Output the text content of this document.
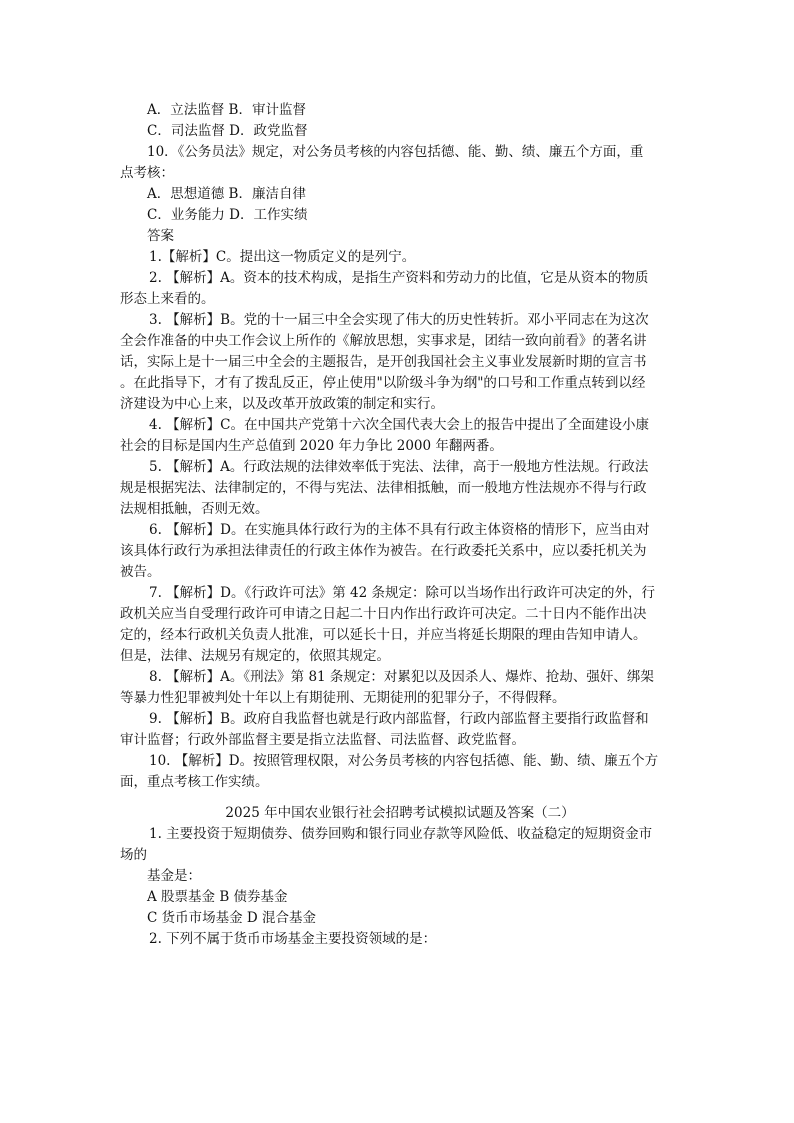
A．立法监督 B．审计监督
C．司法监督 D．政党监督
10．《公务员法》规定，对公务员考核的内容包括德、能、勤、绩、廉五个方面，重
点考核：
A．思想道德 B．廉洁自律
C．业务能力 D．工作实绩
答案
1.【解析】C。提出这一物质定义的是列宁。
2. 【解析】A。资本的技术构成，是指生产资料和劳动力的比值，它是从资本的物质
形态上来看的。
3. 【解析】B。党的十一届三中全会实现了伟大的历史性转折。邓小平同志在为这次
全会作准备的中央工作会议上所作的《解放思想，实事求是，团结一致向前看》的著名讲
话，实际上是十一届三中全会的主题报告，是开创我国社会主义事业发展新时期的宣言书
。在此指导下，才有了拨乱反正，停止使用"以阶级斗争为纲"的口号和工作重点转到以经
济建设为中心上来，以及改革开放政策的制定和实行。
4. 【解析】C。在中国共产党第十六次全国代表大会上的报告中提出了全面建设小康
社会的目标是国内生产总值到 2020 年力争比 2000 年翻两番。
5. 【解析】A。行政法规的法律效率低于宪法、法律，高于一般地方性法规。行政法
规是根据宪法、法律制定的，不得与宪法、法律相抵触，而一般地方性法规亦不得与行政
法规相抵触，否则无效。
6. 【解析】D。在实施具体行政行为的主体不具有行政主体资格的情形下，应当由对
该具体行政行为承担法律责任的行政主体作为被告。在行政委托关系中，应以委托机关为
被告。
7. 【解析】D。《行政许可法》第 42 条规定：除可以当场作出行政许可决定的外，行
政机关应当自受理行政许可申请之日起二十日内作出行政许可决定。二十日内不能作出决
定的，经本行政机关负责人批准，可以延长十日，并应当将延长期限的理由告知申请人。
但是，法律、法规另有规定的，依照其规定。
8. 【解析】A。《刑法》第 81 条规定：对累犯以及因杀人、爆炸、抢劫、强奸、绑架
等暴力性犯罪被判处十年以上有期徒刑、无期徒刑的犯罪分子，不得假释。
9. 【解析】B。政府自我监督也就是行政内部监督，行政内部监督主要指行政监督和
审计监督；行政外部监督主要是指立法监督、司法监督、政党监督。
10. 【解析】D。按照管理权限，对公务员考核的内容包括德、能、勤、绩、廉五个方
面，重点考核工作实绩。
2025 年中国农业银行社会招聘考试模拟试题及答案（二）
1. 主要投资于短期债券、债券回购和银行同业存款等风险低、收益稳定的短期资金市
场的
基金是：
A 股票基金 B 债券基金
C 货币市场基金 D 混合基金
2. 下列不属于货币市场基金主要投资领域的是：
